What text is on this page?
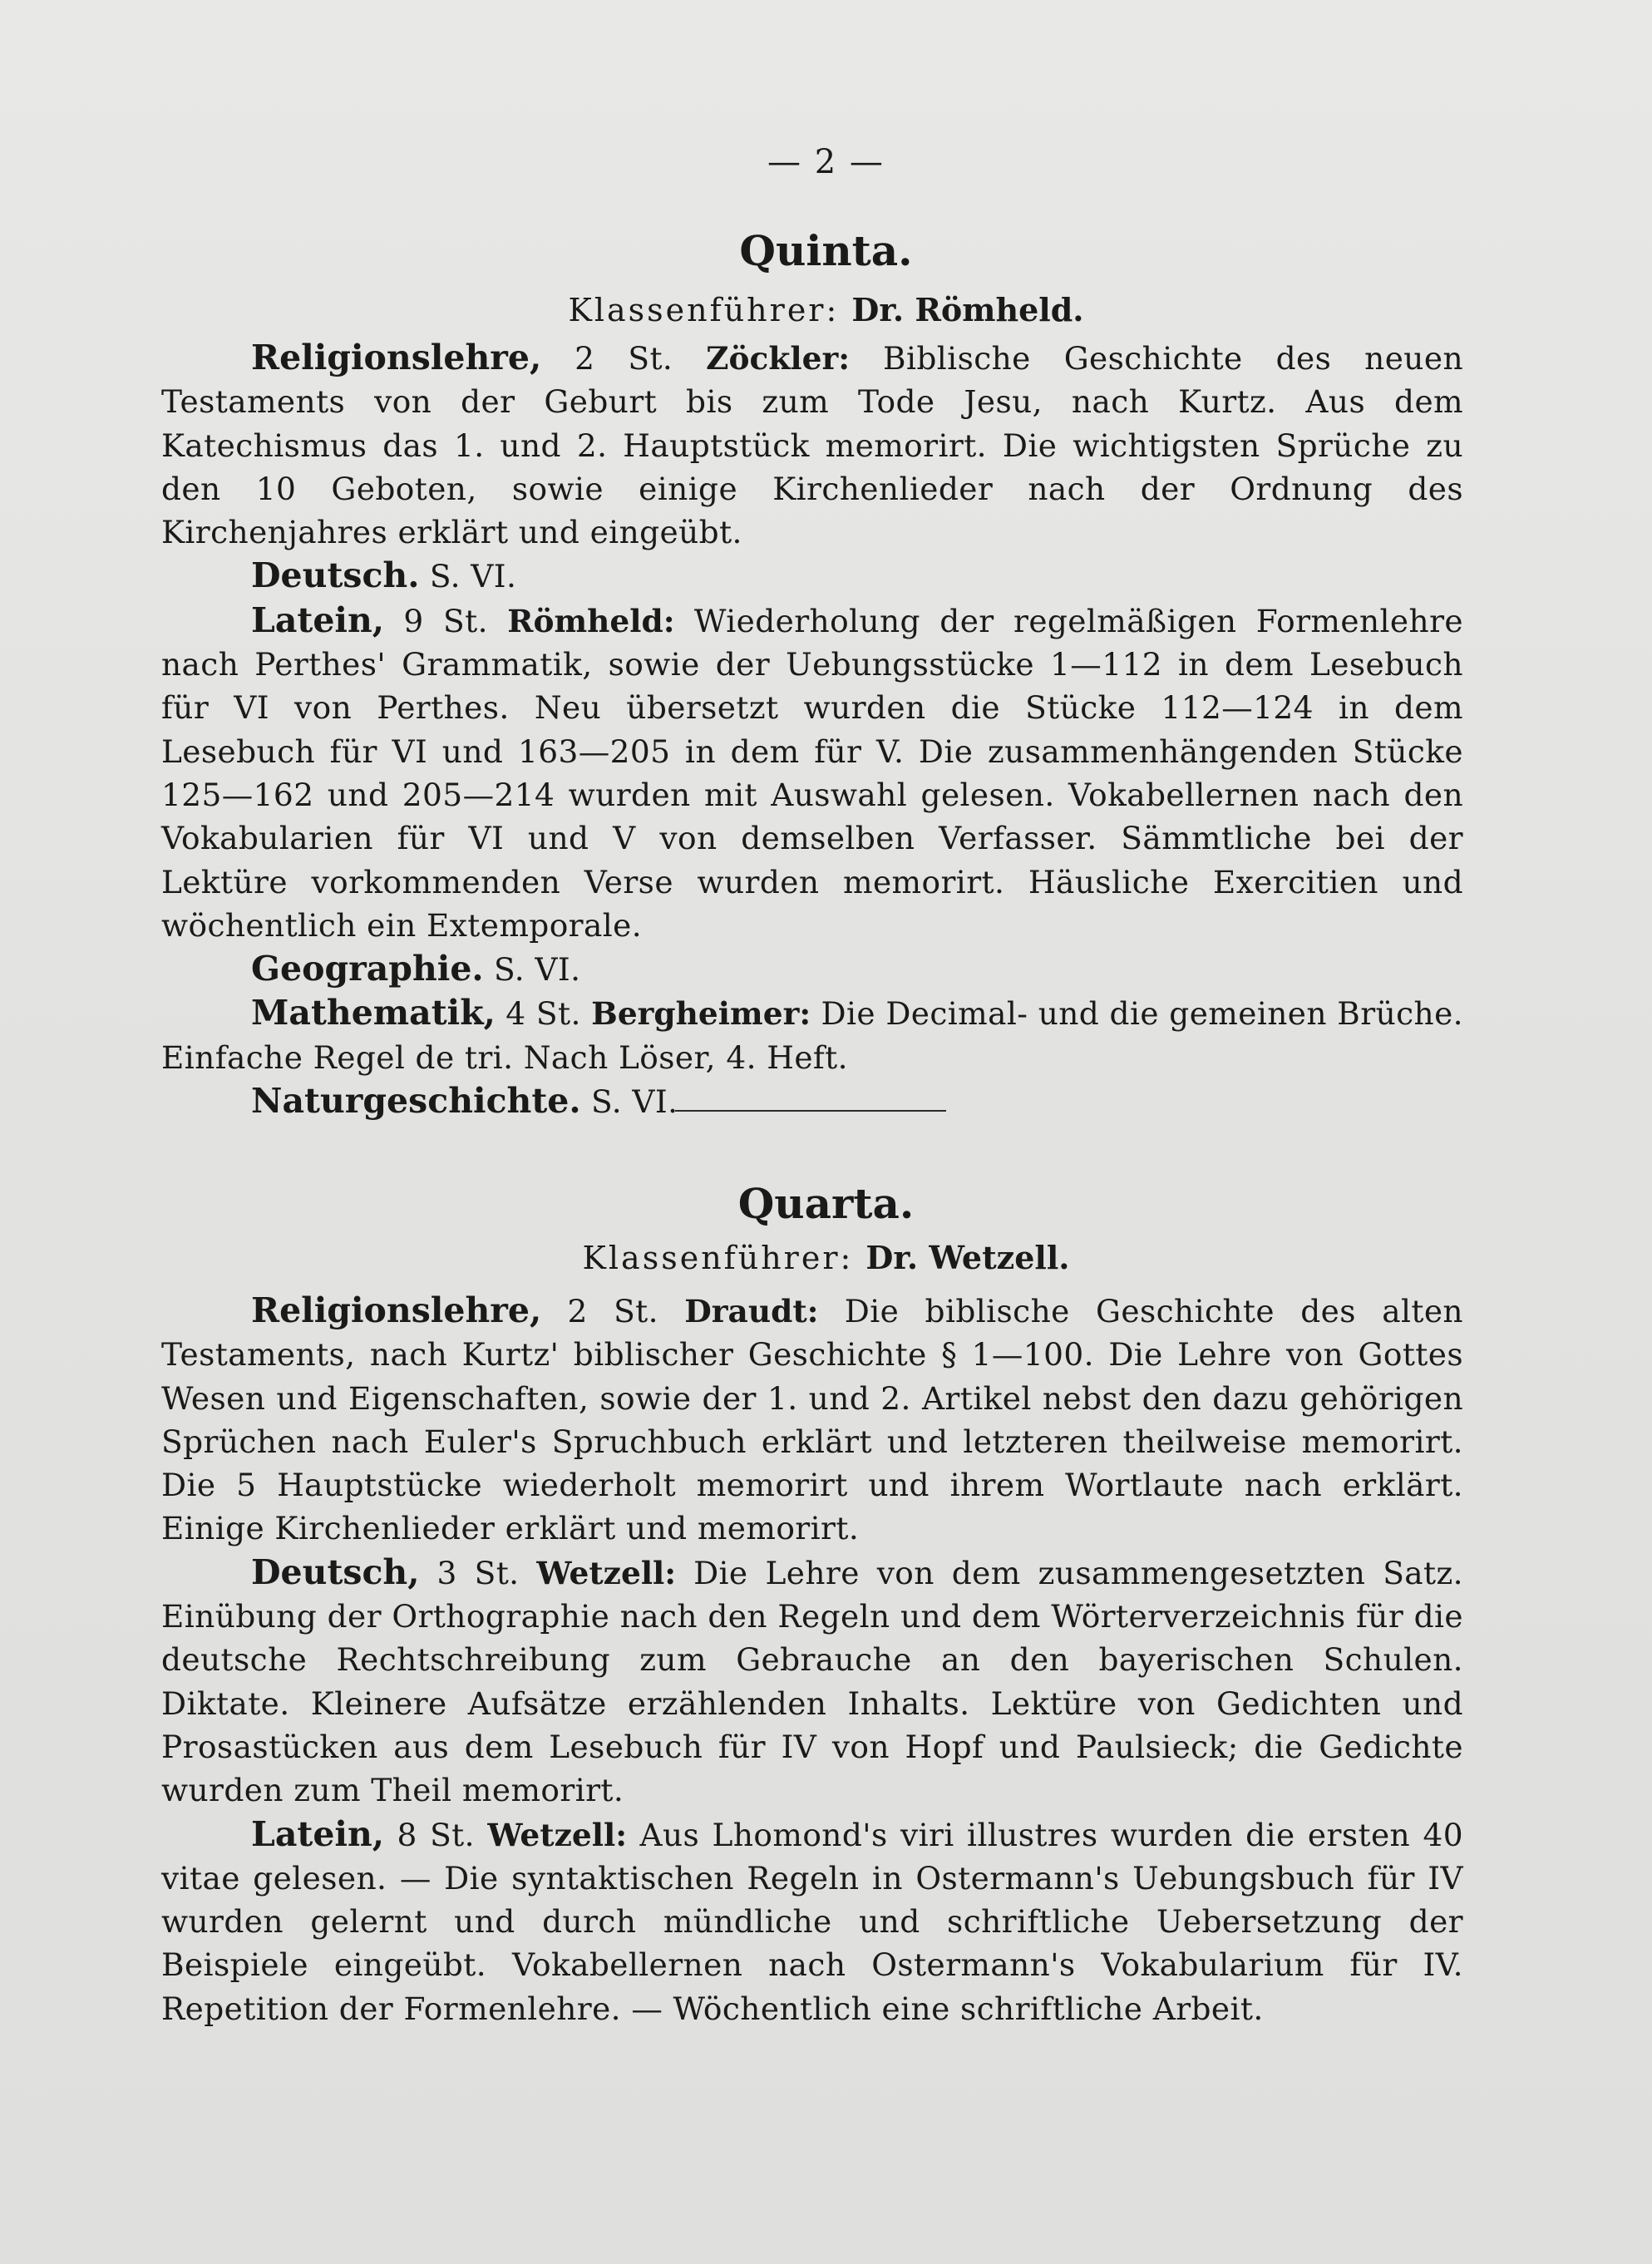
— 2 —
Quinta.
Klassenführer: Dr. Römheld.

Religionslehre, 2 St. Zöckler: Biblische Geschichte des neuen Testaments von der Geburt bis zum Tode Jesu, nach Kurtz. Aus dem Katechismus das 1. und 2. Hauptstück memorirt. Die wichtigsten Sprüche zu den 10 Geboten, sowie einige Kirchenlieder nach der Ordnung des Kirchenjahres erklärt und eingeübt.

Deutsch. S. VI.

Latein, 9 St. Römheld: Wiederholung der regelmäßigen Formenlehre nach Perthes' Grammatik, sowie der Uebungsstücke 1—112 in dem Lesebuch für VI von Perthes. Neu übersetzt wurden die Stücke 112—124 in dem Lesebuch für VI und 163—205 in dem für V. Die zusammenhängenden Stücke 125—162 und 205—214 wurden mit Auswahl gelesen. Vokabellernen nach den Vokabularien für VI und V von demselben Verfasser. Sämmtliche bei der Lektüre vorkommenden Verse wurden memorirt. Häusliche Exercitien und wöchentlich ein Extemporale.

Geographie. S. VI.

Mathematik, 4 St. Bergheimer: Die Decimal- und die gemeinen Brüche. Einfache Regel de tri. Nach Löser, 4. Heft.

Naturgeschichte. S. VI.

Quarta.
Klassenführer: Dr. Wetzell.

Religionslehre, 2 St. Draudt: Die biblische Geschichte des alten Testaments, nach Kurtz' biblischer Geschichte § 1—100. Die Lehre von Gottes Wesen und Eigenschaften, sowie der 1. und 2. Artikel nebst den dazu gehörigen Sprüchen nach Euler's Spruchbuch erklärt und letzteren theilweise memorirt. Die 5 Hauptstücke wiederholt memorirt und ihrem Wortlaute nach erklärt. Einige Kirchenlieder erklärt und memorirt.

Deutsch, 3 St. Wetzell: Die Lehre von dem zusammengesetzten Satz. Einübung der Orthographie nach den Regeln und dem Wörterverzeichnis für die deutsche Rechtschreibung zum Gebrauche an den bayerischen Schulen. Diktate. Kleinere Aufsätze erzählenden Inhalts. Lektüre von Gedichten und Prosastücken aus dem Lesebuch für IV von Hopf und Paulsieck; die Gedichte wurden zum Theil memorirt.

Latein, 8 St. Wetzell: Aus Lhomond's viri illustres wurden die ersten 40 vitae gelesen. — Die syntaktischen Regeln in Ostermann's Uebungsbuch für IV wurden gelernt und durch mündliche und schriftliche Uebersetzung der Beispiele eingeübt. Vokabellernen nach Ostermann's Vokabularium für IV. Repetition der Formenlehre. — Wöchentlich eine schriftliche Arbeit.
